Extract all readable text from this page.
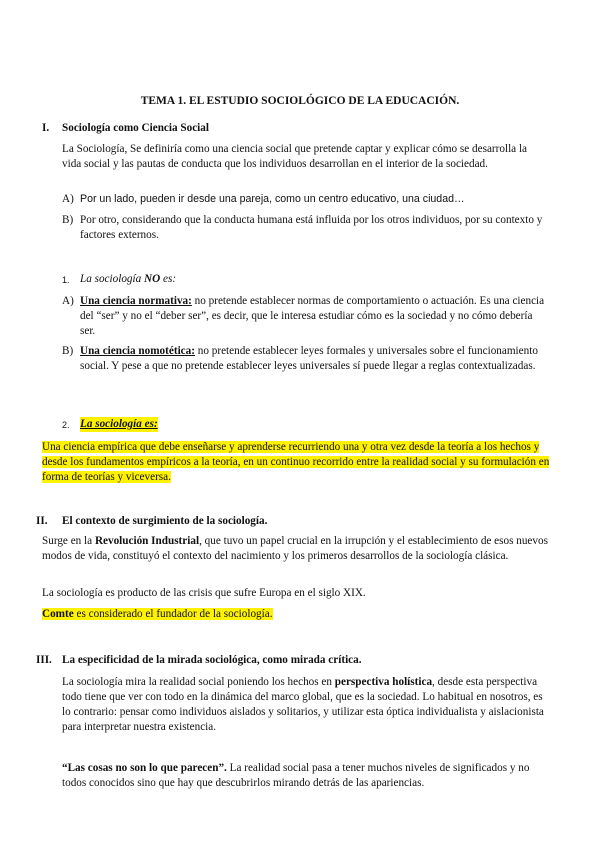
TEMA 1. EL ESTUDIO SOCIOLÓGICO DE LA EDUCACIÓN.
I. Sociología como Ciencia Social

La Sociología, Se definiría como una ciencia social que pretende captar y explicar cómo se desarrolla la vida social y las pautas de conducta que los individuos desarrollan en el interior de la sociedad.

A) Por un lado, pueden ir desde una pareja, como un centro educativo, una ciudad…
B) Por otro, considerando que la conducta humana está influida por los otros individuos, por su contexto y factores externos.
1. La sociología NO es:
A) Una ciencia normativa: no pretende establecer normas de comportamiento o actuación. Es una ciencia del “ser” y no el “deber ser”, es decir, que le interesa estudiar cómo es la sociedad y no cómo debería ser.
B) Una ciencia nomotética: no pretende establecer leyes formales y universales sobre el funcionamiento social. Y pese a que no pretende establecer leyes universales sí puede llegar a reglas contextualizadas.
2. La sociología es:

Una ciencia empírica que debe enseñarse y aprenderse recurriendo una y otra vez desde la teoría a los hechos y desde los fundamentos empíricos a la teoría, en un continuo recorrido entre la realidad social y su formulación en forma de teorías y viceversa.

II. El contexto de surgimiento de la sociología.

Surge en la Revolución Industrial, que tuvo un papel crucial en la irrupción y el establecimiento de esos nuevos modos de vida, constituyó el contexto del nacimiento y los primeros desarrollos de la sociología clásica.

La sociología es producto de las crisis que sufre Europa en el siglo XIX.

Comte es considerado el fundador de la sociología.

III. La especificidad de la mirada sociológica, como mirada crítica.

La sociología mira la realidad social poniendo los hechos en perspectiva holística, desde esta perspectiva todo tiene que ver con todo en la dinámica del marco global, que es la sociedad. Lo habitual en nosotros, es lo contrario: pensar como individuos aislados y solitarios, y utilizar esta óptica individualista y aislacionista para interpretar nuestra existencia.

“Las cosas no son lo que parecen”. La realidad social pasa a tener muchos niveles de significados y no todos conocidos sino que hay que descubrirlos mirando detrás de las apariencias.
